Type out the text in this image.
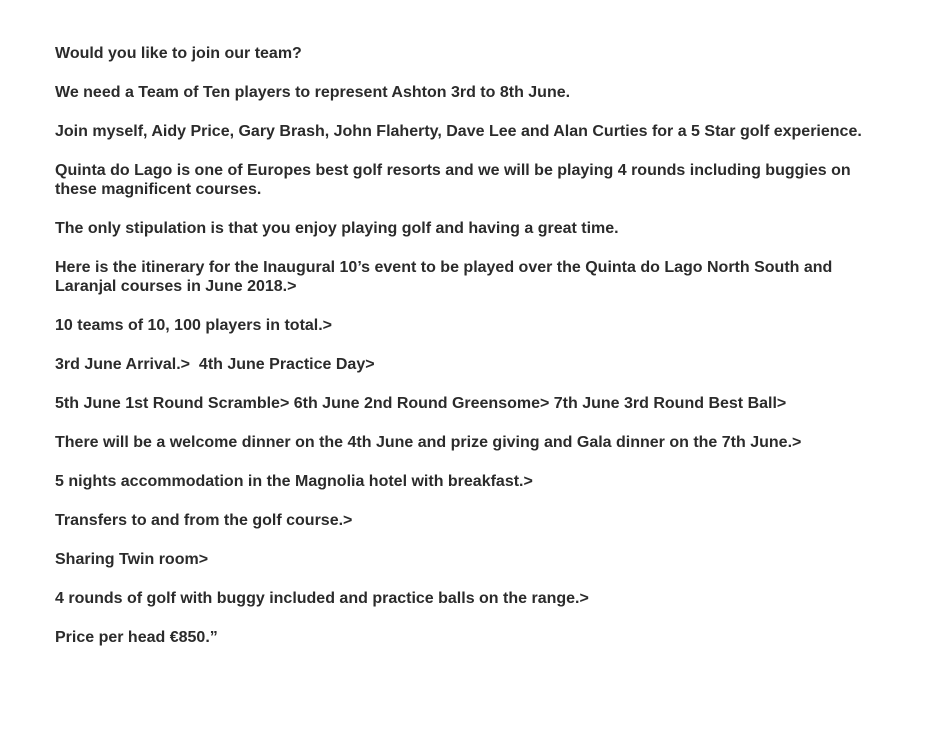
Would you like to join our team?

We need a Team of Ten players to represent Ashton 3rd to 8th June.

Join myself, Aidy Price, Gary Brash, John Flaherty, Dave Lee and Alan Curties for a 5 Star golf experience.

Quinta do Lago is one of Europes best golf resorts and we will be playing 4 rounds including buggies on these magnificent courses.

The only stipulation is that you enjoy playing golf and having a great time.

Here is the itinerary for the Inaugural 10’s event to be played over the Quinta do Lago North South and Laranjal courses in June 2018.>

10 teams of 10, 100 players in total.>

3rd June Arrival.>  4th June Practice Day>

5th June 1st Round Scramble> 6th June 2nd Round Greensome> 7th June 3rd Round Best Ball>

There will be a welcome dinner on the 4th June and prize giving and Gala dinner on the 7th June.>

5 nights accommodation in the Magnolia hotel with breakfast.>

Transfers to and from the golf course.>

Sharing Twin room>

4 rounds of golf with buggy included and practice balls on the range.>

Price per head €850.”
